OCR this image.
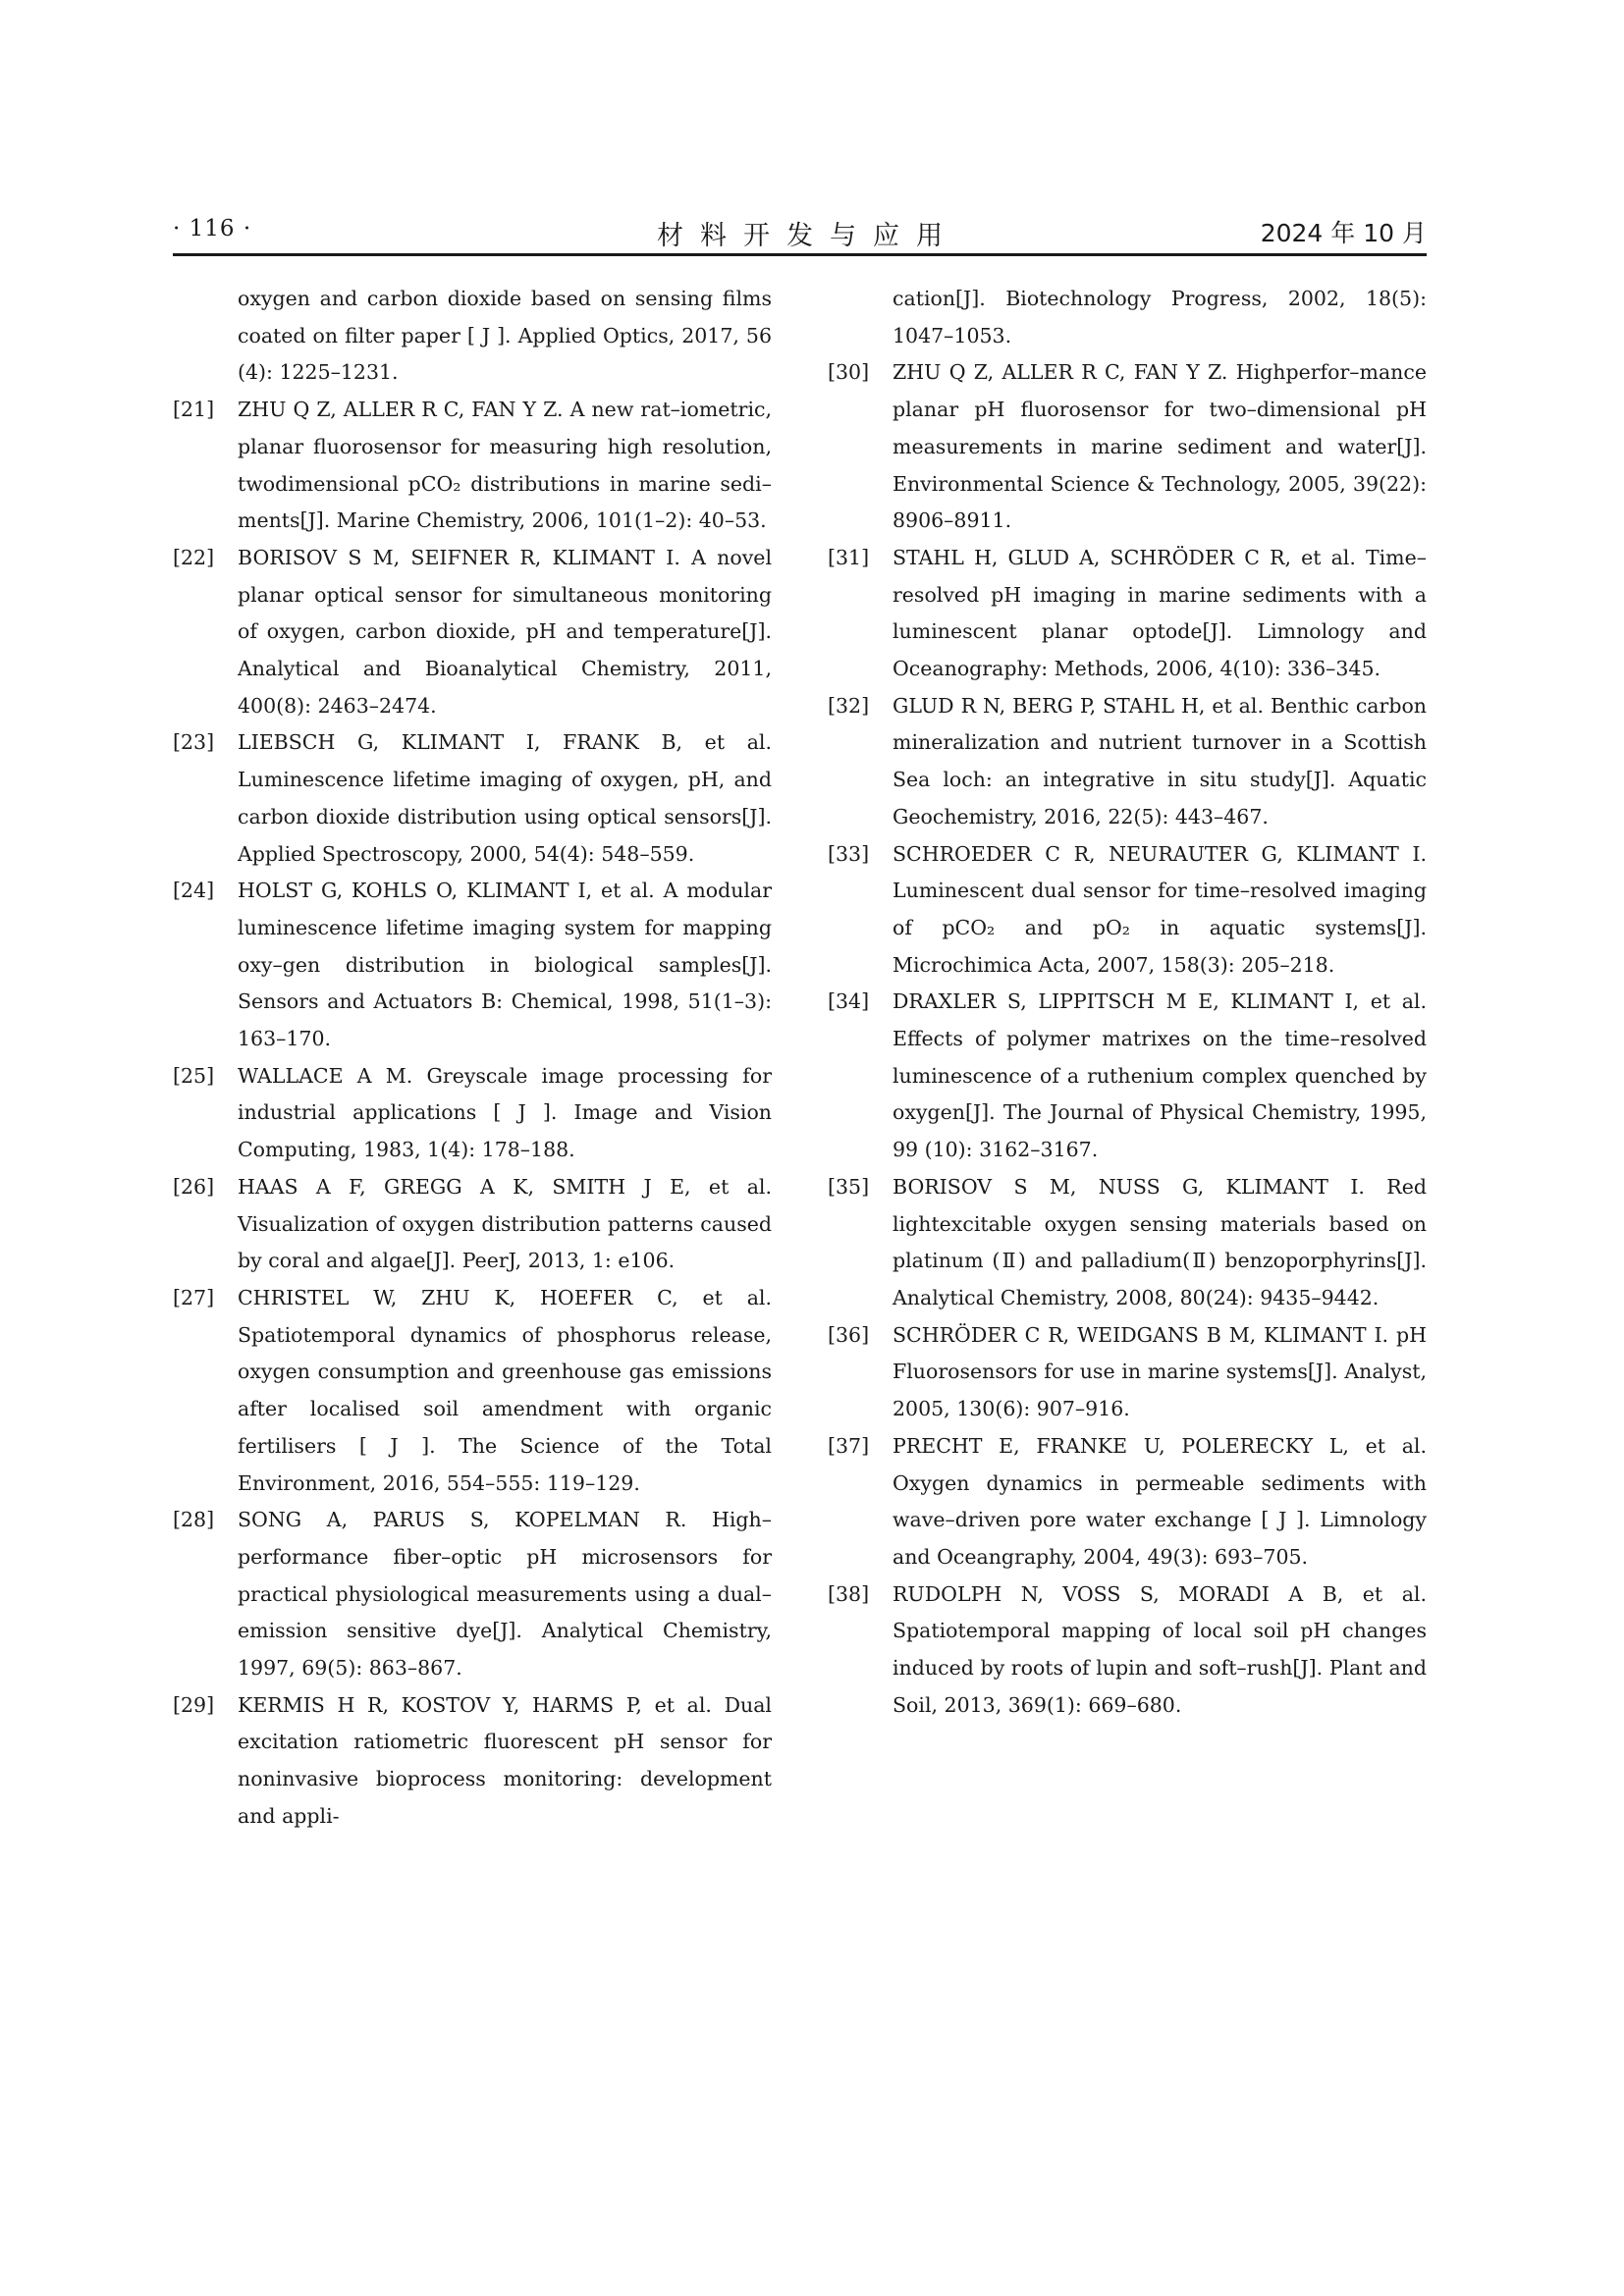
· 116 ·	材料开发与应用	2024 年 10 月

oxygen and carbon dioxide based on sensing films coated on filter paper [ J ]. Applied Optics, 2017, 56 (4): 1225–1231.

[21]	ZHU Q Z, ALLER R C, FAN Y Z. A new rat–iometric, planar fluorosensor for measuring high resolution, twodimensional pCO₂ distributions in marine sedi–ments[J]. Marine Chemistry, 2006, 101(1–2): 40–53.

[22]	BORISOV S M, SEIFNER R, KLIMANT I. A novel planar optical sensor for simultaneous monitoring of oxygen, carbon dioxide, pH and temperature[J]. Analytical and Bioanalytical Chemistry, 2011, 400(8): 2463–2474.

[23]	LIEBSCH G, KLIMANT I, FRANK B, et al. Luminescence lifetime imaging of oxygen, pH, and carbon dioxide distribution using optical sensors[J]. Applied Spectroscopy, 2000, 54(4): 548–559.

[24]	HOLST G, KOHLS O, KLIMANT I, et al. A modular luminescence lifetime imaging system for mapping oxy–gen distribution in biological samples[J]. Sensors and Actuators B: Chemical, 1998, 51(1–3): 163–170.

[25]	WALLACE A M. Greyscale image processing for industrial applications [ J ]. Image and Vision Computing, 1983, 1(4): 178–188.

[26]	HAAS A F, GREGG A K, SMITH J E, et al. Visualization of oxygen distribution patterns caused by coral and algae[J]. PeerJ, 2013, 1: e106.

[27]	CHRISTEL W, ZHU K, HOEFER C, et al. Spatiotemporal dynamics of phosphorus release, oxygen consumption and greenhouse gas emissions after localised soil amendment with organic fertilisers [ J ]. The Science of the Total Environment, 2016, 554–555: 119–129.

[28]	SONG A, PARUS S, KOPELMAN R. High–performance fiber–optic pH microsensors for practical physiological measurements using a dual–emission sensitive dye[J]. Analytical Chemistry, 1997, 69(5): 863–867.

[29]	KERMIS H R, KOSTOV Y, HARMS P, et al. Dual excitation ratiometric fluorescent pH sensor for noninvasive bioprocess monitoring: development and appli-

cation[J]. Biotechnology Progress, 2002, 18(5): 1047–1053.

[30]	ZHU Q Z, ALLER R C, FAN Y Z. Highperfor–mance planar pH fluorosensor for two–dimensional pH measurements in marine sediment and water[J]. Environmental Science & Technology, 2005, 39(22): 8906–8911.

[31]	STAHL H, GLUD A, SCHRÖDER C R, et al. Time–resolved pH imaging in marine sediments with a luminescent planar optode[J]. Limnology and Oceanography: Methods, 2006, 4(10): 336–345.

[32]	GLUD R N, BERG P, STAHL H, et al. Benthic carbon mineralization and nutrient turnover in a Scottish Sea loch: an integrative in situ study[J]. Aquatic Geochemistry, 2016, 22(5): 443–467.

[33]	SCHROEDER C R, NEURAUTER G, KLIMANT I. Luminescent dual sensor for time–resolved imaging of pCO₂ and pO₂ in aquatic systems[J]. Microchimica Acta, 2007, 158(3): 205–218.

[34]	DRAXLER S, LIPPITSCH M E, KLIMANT I, et al. Effects of polymer matrixes on the time–resolved luminescence of a ruthenium complex quenched by oxygen[J]. The Journal of Physical Chemistry, 1995, 99 (10): 3162–3167.

[35]	BORISOV S M, NUSS G, KLIMANT I. Red lightexcitable oxygen sensing materials based on platinum (Ⅱ) and palladium(Ⅱ) benzoporphyrins[J]. Analytical Chemistry, 2008, 80(24): 9435–9442.

[36]	SCHRÖDER C R, WEIDGANS B M, KLIMANT I. pH Fluorosensors for use in marine systems[J]. Analyst, 2005, 130(6): 907–916.

[37]	PRECHT E, FRANKE U, POLERECKY L, et al. Oxygen dynamics in permeable sediments with wave–driven pore water exchange [ J ]. Limnology and Oceangraphy, 2004, 49(3): 693–705.

[38]	RUDOLPH N, VOSS S, MORADI A B, et al. Spatiotemporal mapping of local soil pH changes induced by roots of lupin and soft–rush[J]. Plant and Soil, 2013, 369(1): 669–680.
